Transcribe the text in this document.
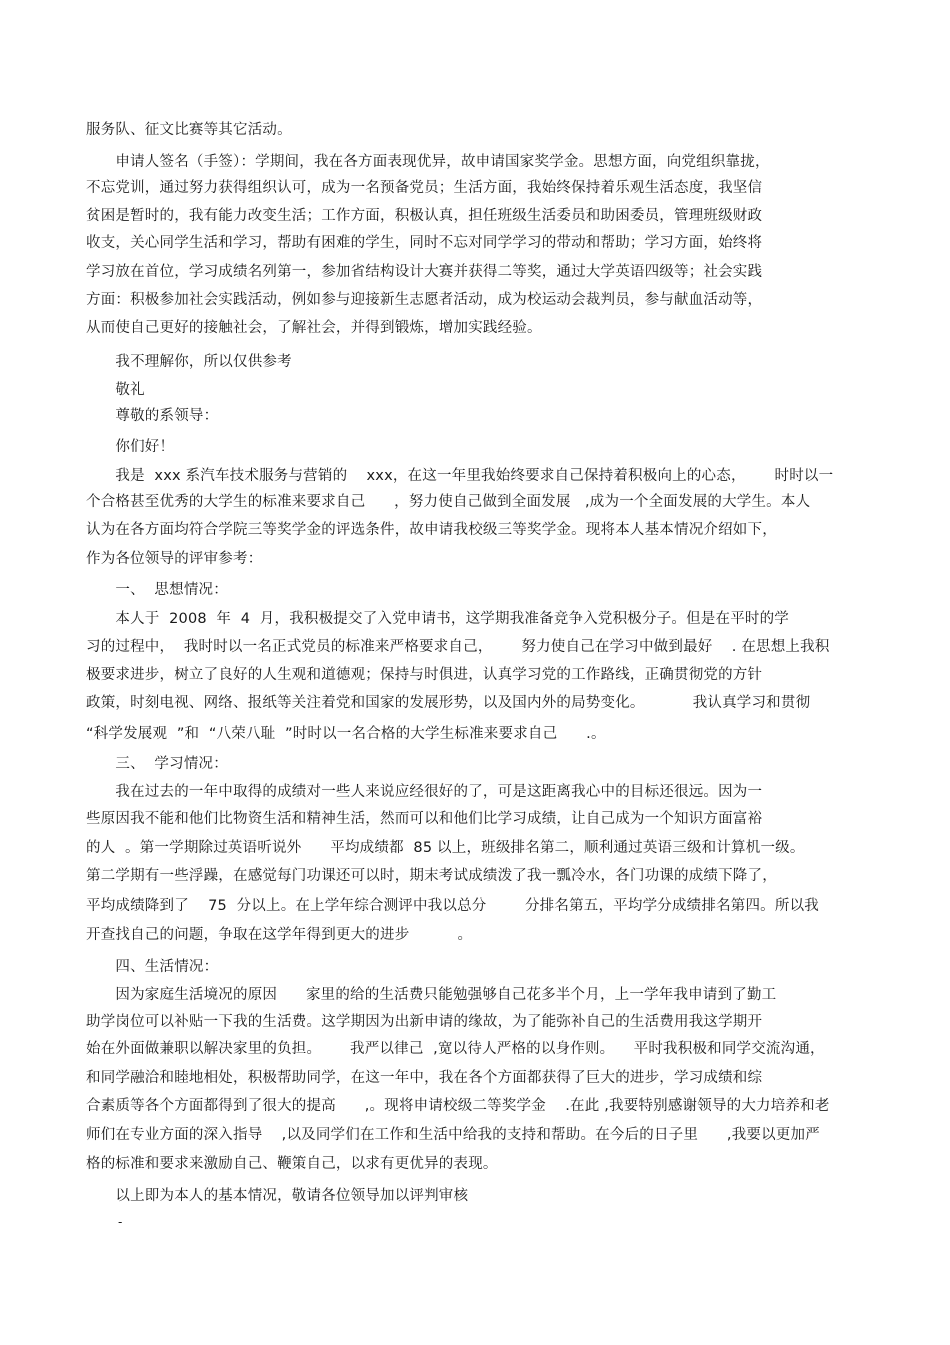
服务队、征文比赛等其它活动。
　　申请人签名（手签）：学期间，我在各方面表现优异，故申请国家奖学金。思想方面，向党组织靠拢，
不忘党训，通过努力获得组织认可，成为一名预备党员；生活方面，我始终保持着乐观生活态度，我坚信
贫困是暂时的，我有能力改变生活；工作方面，积极认真，担任班级生活委员和助困委员，管理班级财政
收支，关心同学生活和学习，帮助有困难的学生，同时不忘对同学学习的带动和帮助；学习方面，始终将
学习放在首位，学习成绩名列第一，参加省结构设计大赛并获得二等奖，通过大学英语四级等；社会实践
方面：积极参加社会实践活动，例如参与迎接新生志愿者活动，成为校运动会裁判员，参与献血活动等，
从而使自己更好的接触社会，了解社会，并得到锻炼，增加实践经验。
　　我不理解你，所以仅供参考
　　敬礼
　　尊敬的系领导：
　　你们好！
　　我是  xxx 系汽车技术服务与营销的    xxx，在这一年里我始终要求自己保持着积极向上的心态，      时时以一
个合格甚至优秀的大学生的标准来要求自己      ，努力使自己做到全面发展   ,成为一个全面发展的大学生。本人
认为在各方面均符合学院三等奖学金的评选条件，故申请我校级三等奖学金。现将本人基本情况介绍如下，
作为各位领导的评审参考：
　　一、  思想情况：
　　本人于  2008  年  4  月，我积极提交了入党申请书，这学期我准备竞争入党积极分子。但是在平时的学
习的过程中，  我时时以一名正式党员的标准来严格要求自己，      努力使自己在学习中做到最好    . 在思想上我积
极要求进步，树立了良好的人生观和道德观；保持与时俱进，认真学习党的工作路线，正确贯彻党的方针
政策，时刻电视、网络、报纸等关注着党和国家的发展形势，以及国内外的局势变化。          我认真学习和贯彻
“科学发展观  ”和  “八荣八耻  ”时时以一名合格的大学生标准来要求自己      .。
　　三、  学习情况：
　　我在过去的一年中取得的成绩对一些人来说应经很好的了，可是这距离我心中的目标还很远。因为一
些原因我不能和他们比物资生活和精神生活，然而可以和他们比学习成绩，让自己成为一个知识方面富裕
的人  。第一学期除过英语听说外      平均成绩都  85 以上，班级排名第二，顺利通过英语三级和计算机一级。
第二学期有一些浮躁，在感觉每门功课还可以时，期末考试成绩泼了我一瓢冷水，各门功课的成绩下降了，
平均成绩降到了    75  分以上。在上学年综合测评中我以总分        分排名第五，平均学分成绩排名第四。所以我
开查找自己的问题，争取在这学年得到更大的进步          。
　　四、生活情况：
　　因为家庭生活境况的原因      家里的给的生活费只能勉强够自己花多半个月，上一学年我申请到了勤工
助学岗位可以补贴一下我的生活费。这学期因为出新申请的缘故，为了能弥补自己的生活费用我这学期开
始在外面做兼职以解决家里的负担。      我严以律己  ,宽以待人严格的以身作则。    平时我积极和同学交流沟通，
和同学融洽和睦地相处，积极帮助同学，在这一年中，我在各个方面都获得了巨大的进步，学习成绩和综
合素质等各个方面都得到了很大的提高      ,。现将申请校级二等奖学金    .在此 ,我要特别感谢领导的大力培养和老
师们在专业方面的深入指导    ,以及同学们在工作和生活中给我的支持和帮助。在今后的日子里      ,我要以更加严
格的标准和要求来激励自己、鞭策自己，以求有更优异的表现。
　　以上即为本人的基本情况，敬请各位领导加以评判审核
-
